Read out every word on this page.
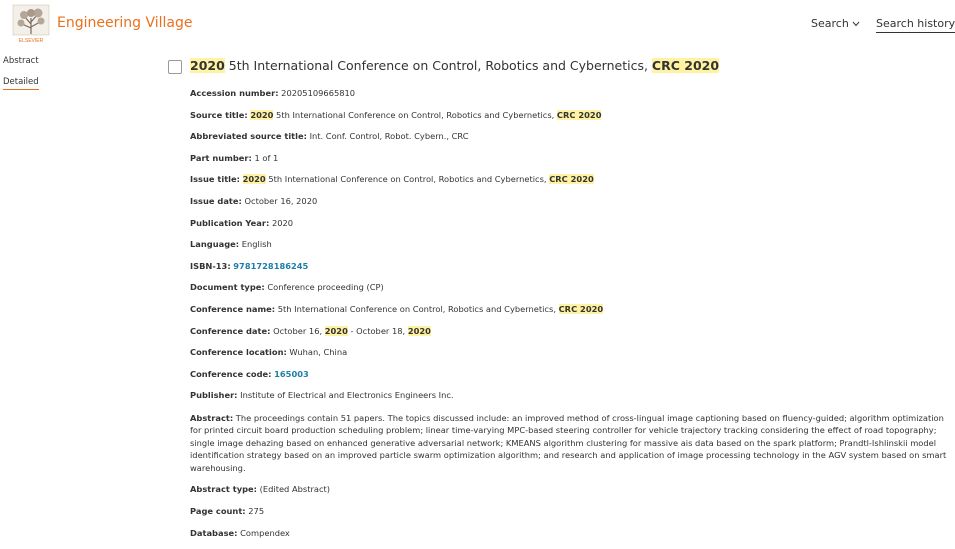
ELSEVIER
Engineering Village	Search	Search history
Abstract
Detailed
2020 5th International Conference on Control, Robotics and Cybernetics, CRC 2020
Accession number: 20205109665810
Source title: 2020 5th International Conference on Control, Robotics and Cybernetics, CRC 2020
Abbreviated source title: Int. Conf. Control, Robot. Cybern., CRC
Part number: 1 of 1
Issue title: 2020 5th International Conference on Control, Robotics and Cybernetics, CRC 2020
Issue date: October 16, 2020
Publication Year: 2020
Language: English
ISBN-13: 9781728186245
Document type: Conference proceeding (CP)
Conference name: 5th International Conference on Control, Robotics and Cybernetics, CRC 2020
Conference date: October 16, 2020 - October 18, 2020
Conference location: Wuhan, China
Conference code: 165003
Publisher: Institute of Electrical and Electronics Engineers Inc.
Abstract: The proceedings contain 51 papers. The topics discussed include: an improved method of cross-lingual image captioning based on fluency-guided; algorithm optimization for printed circuit board production scheduling problem; linear time-varying MPC-based steering controller for vehicle trajectory tracking considering the effect of road topography; single image dehazing based on enhanced generative adversarial network; KMEANS algorithm clustering for massive ais data based on the spark platform; Prandtl-Ishlinskii model identification strategy based on an improved particle swarm optimization algorithm; and research and application of image processing technology in the AGV system based on smart warehousing.
Abstract type: (Edited Abstract)
Page count: 275
Database: Compendex
